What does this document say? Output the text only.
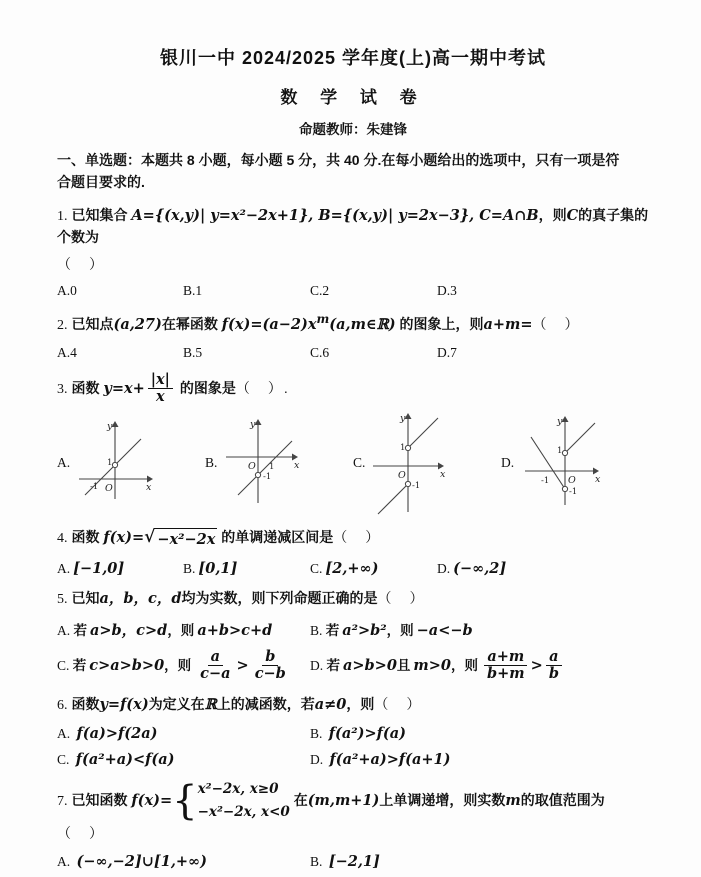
银川一中 2024/2025 学年度(上)高一期中考试
数 学 试 卷
命题教师：朱建锋
一、单选题：本题共 8 小题，每小题 5 分，共 40 分.在每小题给出的选项中，只有一项是符
合题目要求的.
1. 已知集合 A={(x,y)| y=x²−2x+1}, B={(x,y)| y=2x−3}, C=A∩B，则C的真子集的个数为
（　）
A.0	B.1	C.2	D.3
2. 已知点(a,27)在幂函数 $f(x)=(a-2)x^m(a,m\in ℝ)$ 的图象上，则a+m=（　）
A.4	B.5	C.6	D.7
3. 函数 $y=x+ \frac{|x|}{x}$ 的图象是（　）.
A.
y
x
O
1
-1
B.
y
x
O 1
-1
C.
y
x
O
1
-1
D.
y
x
O
1
-1
-1
4. 函数 f(x)= √ −x²−2x 的单调递减区间是（　）
A. [−1,0]	B. [0,1]	C. [2,+∞)	D. (−∞,2]
5. 已知a，b，c，d均为实数，则下列命题正确的是（　）
A. 若 a>b，c>d，则 a+b>c+d	B. 若 a²>b²，则 −a<−b
C. 若 c>a>b>0，则 $\frac{a}{c-a} > \frac{b}{c-b} D$. 若 a>b>0且 m>0，则 $\frac{a+m}{b+m} > \frac{a}{b}$
6. 函数y=f(x)为定义在ℝ上的减函数，若a≠0，则（　）
A. f(a)>f(2a)	B. f(a²)>f(a)
C. f(a²+a)<f(a)	D. f(a²+a)>f(a+1)
7. 已知函数 f(x)= { x²−2x, x≥0
−x²−2x, x<0
在(m,m+1)上单调递增，则实数m的取值范围为（　）
A. (−∞,−2]∪[1,+∞)	B. [−2,1]
